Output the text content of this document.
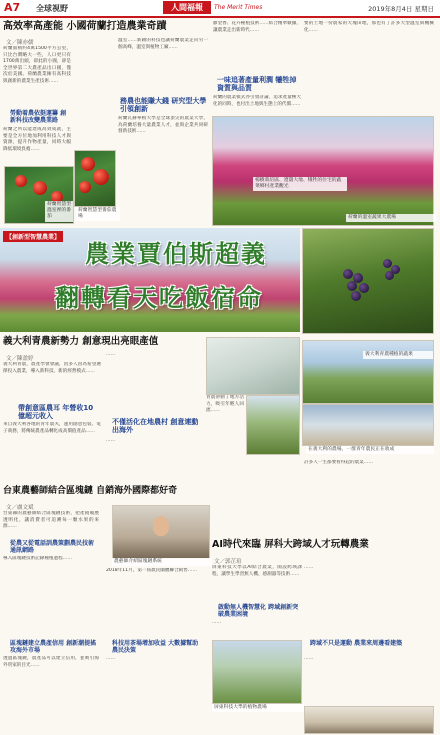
A7 全球視野	人間福報	The Merit Times	2019年8月4日 星期日
高效率高產能 小國荷蘭打造農業奇蹟
文／陳亦儒
荷蘭面積約4萬1500平方公里，只比台灣略大一些，人口更只有1700萬出頭，卻此的小國，卻是全世界第二大農產品出口國，僅次於美國。荷蘭農業擁有高科技與創新的農業生產技術……
勞動着農依挺運籌 創新科技改變農業路
荷蘭之所以能達成高效成就，主要是全方位地加利用科技人才與資源，提升作物產量，同時大幅降低環境負擔……
荷蘭智慧型溫室裡的番茄
荷蘭智慧型番茄農場
溫室……新穎的科技也讓荷蘭農業走向另一個高峰，溫室與植物工廠……
務農也能賺大錢 研究型大學引領創新
荷蘭瓦赫寧根大學是全球頂尖的農業大學，為荷蘭培養大量農業人才，並與企業共同研發新技術……
鬱金香、花卉種植技術……結合精準數據，讓農業走出新時代……
一味追著產量利潤 犧牲掉資質與品質
荷蘭的農業模式亦引發討論，追求產量極大化的同時，也付出土地與生態上的代價……
楊樹栽培區、遼闊大地、犧牲的住宅的蔬菜鄉村產業觀光
要的土地一份農家的大塊田地，那也有了許多大型溫室與機械化……
荷蘭的溫室蔬果大農場
【創新型智慧農業】
農業賈伯斯超義
翻轉看天吃飯宿命
義大利青農新勢力 創意現出亮眼產值
文／陳盈婷
義大利青農，農產學會會議，因多人因為希望選擇投入農業，導入新科技、新的經營模式……
帶創意區農耳 年營收10億超元收入
來自義大利各地的青年農夫，運用創意包裝、電子商務，將傳統農產品轉化成高價值產品……
……
不僅活化在地農村 創意連動出海外
……
青農帶動了地方活力，吸引年輕人回流……
義大利青農種植的蔬果
在義大利的農場，一群青年農民正在收成
台東農藝師結合區塊鏈 自銷海外國際都好奇
文／盧文斌
台東縣的農藝師結合區塊鏈技術，把產銷履歷透明化，讓消費者可追溯每一顆水果的來源……
從農又從電話訓農策劃農民技術通訊網路
導入區塊鏈技術記錄種植過程……
區塊鏈建立農產信用 創新潮提搖攻海外市場
透過區塊鏈，農產品可以建立信用，並吸引海外買家的目光……
農藝師介紹區塊鏈系統
2018年11月，第一屆農民團體聯合銷售……
科技用茶場增加收益 大數據幫助農民決策
……
AI時代來臨 屏科大跨域人才玩轉農業
文／郭芷瑄
屏東科技大學以AI結合農業，開設跨域課程，讓學生學習無人機、感測器等技術……
啟動無人機智慧化 跨域創新突破農業困境
……
屏東科技大學的植物農場
許多人一生都要看得起的農業……
……
跨域不只是運動 農業來周邊看建築
……
